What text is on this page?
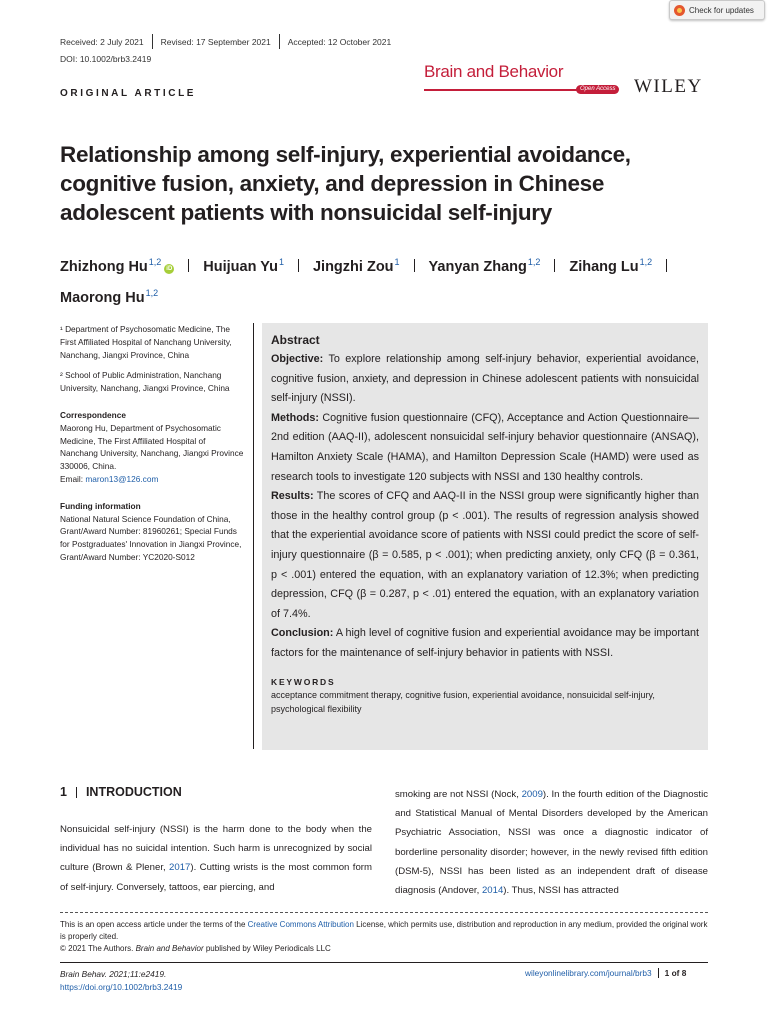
Check for updates
Received: 2 July 2021 Revised: 17 September 2021 Accepted: 12 October 2021
DOI: 10.1002/brb3.2419
ORIGINAL ARTICLE
Brain and Behavior
Open Access WILEY
Relationship among self-injury, experiential avoidance, cognitive fusion, anxiety, and depression in Chinese adolescent patients with nonsuicidal self-injury
Zhizhong Hu$^{1,2}$iD Huijuan Yu$^1$ Jingzhi Zou$^1$ Yanyan Zhang$^{1,2}$ Zihang Lu$^{1,2}$
Maorong Hu$^{1,2}$

¹ Department of Psychosomatic Medicine, The First Affiliated Hospital of Nanchang University, Nanchang, Jiangxi Province, China

² School of Public Administration, Nanchang University, Nanchang, Jiangxi Province, China

Correspondence

Maorong Hu, Department of Psychosomatic Medicine, The First Affiliated Hospital of Nanchang University, Nanchang, Jiangxi Province 330006, China.

Email: maron13@126.com

Funding information

National Natural Science Foundation of China, Grant/Award Number: 81960261; Special Funds for Postgraduates' Innovation in Jiangxi Province, Grant/Award Number: YC2020-S012

Abstract

Objective: To explore relationship among self-injury behavior, experiential avoidance, cognitive fusion, anxiety, and depression in Chinese adolescent patients with nonsuicidal self-injury (NSSI).

Methods: Cognitive fusion questionnaire (CFQ), Acceptance and Action Questionnaire—2nd edition (AAQ-II), adolescent nonsuicidal self-injury behavior questionnaire (ANSAQ), Hamilton Anxiety Scale (HAMA), and Hamilton Depression Scale (HAMD) were used as research tools to investigate 120 subjects with NSSI and 130 healthy controls.

Results: The scores of CFQ and AAQ-II in the NSSI group were significantly higher than those in the healthy control group (p < .001). The results of regression analysis showed that the experiential avoidance score of patients with NSSI could predict the score of self-injury questionnaire (β = 0.585, p < .001); when predicting anxiety, only CFQ (β = 0.361, p < .001) entered the equation, with an explanatory variation of 12.3%; when predicting depression, CFQ (β = 0.287, p < .01) entered the equation, with an explanatory variation of 7.4%.

Conclusion: A high level of cognitive fusion and experiential avoidance may be important factors for the maintenance of self-injury behavior in patients with NSSI.

KEYWORDS
acceptance commitment therapy, cognitive fusion, experiential avoidance, nonsuicidal self-injury, psychological flexibility
1 INTRODUCTION
Nonsuicidal self-injury (NSSI) is the harm done to the body when the individual has no suicidal intention. Such harm is unrecognized by social culture (Brown & Plener, 2017). Cutting wrists is the most common form of self-injury. Conversely, tattoos, ear piercing, and
smoking are not NSSI (Nock, 2009). In the fourth edition of the Diagnostic and Statistical Manual of Mental Disorders developed by the American Psychiatric Association, NSSI was once a diagnostic indicator of borderline personality disorder; however, in the newly revised fifth edition (DSM-5), NSSI has been listed as an independent draft of disease diagnosis (Andover, 2014). Thus, NSSI has attracted
This is an open access article under the terms of the Creative Commons Attribution License, which permits use, distribution and reproduction in any medium, provided the original work is properly cited.
© 2021 The Authors. Brain and Behavior published by Wiley Periodicals LLC
Brain Behav. 2021;11:e2419.
https://doi.org/10.1002/brb3.2419
wileyonlinelibrary.com/journal/brb3 1 of 8
